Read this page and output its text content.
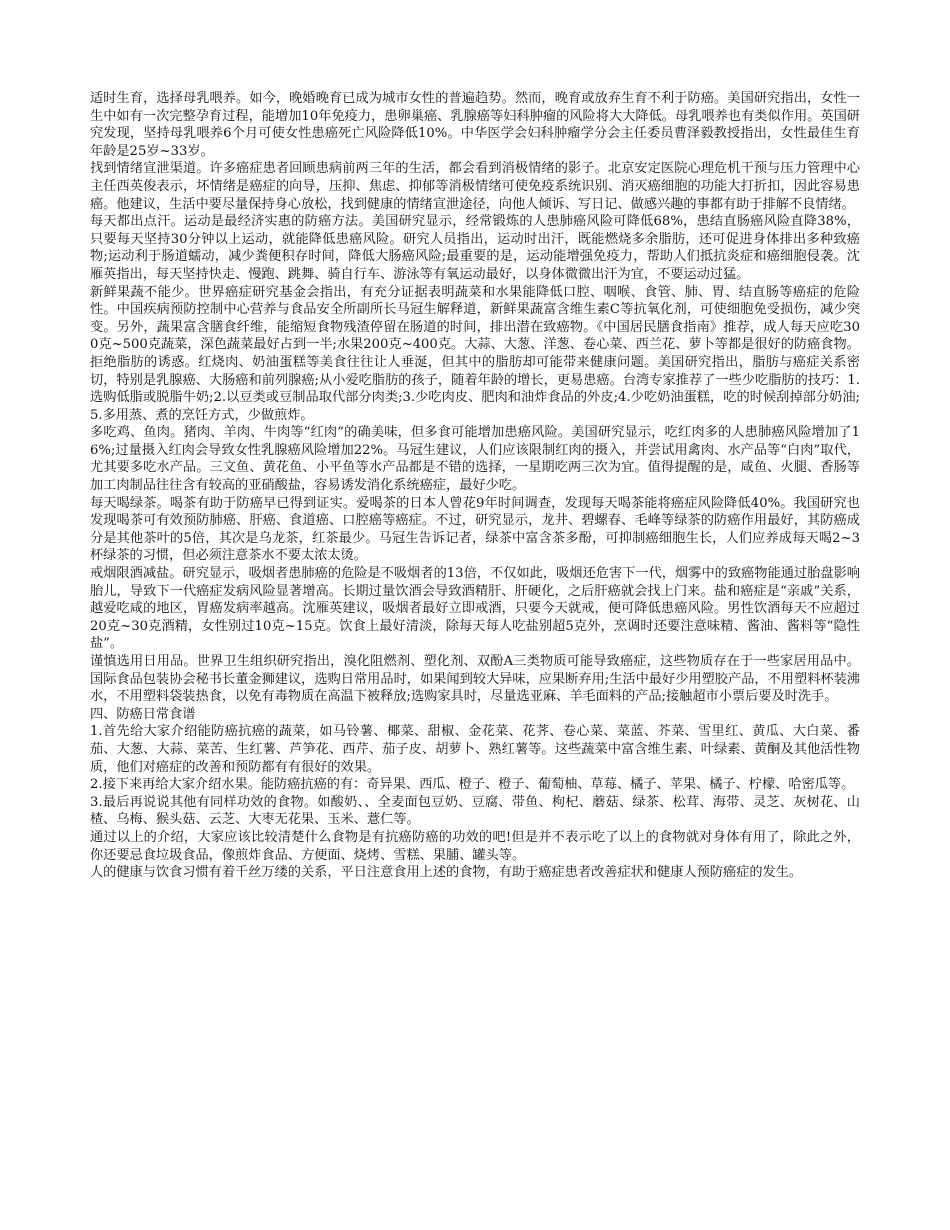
适时生育，选择母乳喂养。如今，晚婚晚育已成为城市女性的普遍趋势。然而，晚育或放弃生育不利于防癌。美国研究指出，女性一生中如有一次完整孕育过程，能增加10年免疫力，患卵巢癌、乳腺癌等妇科肿瘤的风险将大大降低。母乳喂养也有类似作用。英国研究发现，坚持母乳喂养6个月可使女性患癌死亡风险降低10%。中华医学会妇科肿瘤学分会主任委员曹泽毅教授指出，女性最佳生育年龄是25岁~33岁。

找到情绪宣泄渠道。许多癌症患者回顾患病前两三年的生活，都会看到消极情绪的影子。北京安定医院心理危机干预与压力管理中心主任西英俊表示，坏情绪是癌症的向导，压抑、焦虑、抑郁等消极情绪可使免疫系统识别、消灭癌细胞的功能大打折扣，因此容易患癌。他建议，生活中要尽量保持身心放松，找到健康的情绪宣泄途径，向他人倾诉、写日记、做感兴趣的事都有助于排解不良情绪。

每天都出点汗。运动是最经济实惠的防癌方法。美国研究显示，经常锻炼的人患肺癌风险可降低68%，患结直肠癌风险直降38%，只要每天坚持30分钟以上运动，就能降低患癌风险。研究人员指出，运动时出汗，既能燃烧多余脂肪，还可促进身体排出多种致癌物;运动利于肠道蠕动，减少粪便积存时间，降低大肠癌风险;最重要的是，运动能增强免疫力，帮助人们抵抗炎症和癌细胞侵袭。沈雁英指出，每天坚持快走、慢跑、跳舞、骑自行车、游泳等有氧运动最好，以身体微微出汗为宜，不要运动过猛。

新鲜果蔬不能少。世界癌症研究基金会指出，有充分证据表明蔬菜和水果能降低口腔、咽喉、食管、肺、胃、结直肠等癌症的危险性。中国疾病预防控制中心营养与食品安全所副所长马冠生解释道，新鲜果蔬富含维生素C等抗氧化剂，可使细胞免受损伤，减少突变。另外，蔬果富含膳食纤维，能缩短食物残渣停留在肠道的时间，排出潜在致癌物。《中国居民膳食指南》推荐，成人每天应吃300克~500克蔬菜，深色蔬菜最好占到一半;水果200克~400克。大蒜、大葱、洋葱、卷心菜、西兰花、萝卜等都是很好的防癌食物。

拒绝脂肪的诱惑。红烧肉、奶油蛋糕等美食往往让人垂涎，但其中的脂肪却可能带来健康问题。美国研究指出，脂肪与癌症关系密切，特别是乳腺癌、大肠癌和前列腺癌;从小爱吃脂肪的孩子，随着年龄的增长，更易患癌。台湾专家推荐了一些少吃脂肪的技巧：1.选购低脂或脱脂牛奶;2.以豆类或豆制品取代部分肉类;3.少吃肉皮、肥肉和油炸食品的外皮;4.少吃奶油蛋糕，吃的时候刮掉部分奶油;5.多用蒸、煮的烹饪方式，少做煎炸。

多吃鸡、鱼肉。猪肉、羊肉、牛肉等“红肉”的确美味，但多食可能增加患癌风险。美国研究显示，吃红肉多的人患肺癌风险增加了16%;过量摄入红肉会导致女性乳腺癌风险增加22%。马冠生建议，人们应该限制红肉的摄入，并尝试用禽肉、水产品等“白肉”取代，尤其要多吃水产品。三文鱼、黄花鱼、小平鱼等水产品都是不错的选择，一星期吃两三次为宜。值得提醒的是，咸鱼、火腿、香肠等加工肉制品往往含有较高的亚硝酸盐，容易诱发消化系统癌症，最好少吃。

每天喝绿茶。喝茶有助于防癌早已得到证实。爱喝茶的日本人曾花9年时间调查，发现每天喝茶能将癌症风险降低40%。我国研究也发现喝茶可有效预防肺癌、肝癌、食道癌、口腔癌等癌症。不过，研究显示，龙井、碧螺春、毛峰等绿茶的防癌作用最好，其防癌成分是其他茶叶的5倍，其次是乌龙茶，红茶最少。马冠生告诉记者，绿茶中富含茶多酚，可抑制癌细胞生长，人们应养成每天喝2~3杯绿茶的习惯，但必须注意茶水不要太浓太烫。

戒烟限酒减盐。研究显示，吸烟者患肺癌的危险是不吸烟者的13倍，不仅如此，吸烟还危害下一代，烟雾中的致癌物能通过胎盘影响胎儿，导致下一代癌症发病风险显著增高。长期过量饮酒会导致酒精肝、肝硬化，之后肝癌就会找上门来。盐和癌症是“亲戚”关系，越爱吃咸的地区，胃癌发病率越高。沈雁英建议，吸烟者最好立即戒酒，只要今天就戒，便可降低患癌风险。男性饮酒每天不应超过20克~30克酒精，女性别过10克~15克。饮食上最好清淡，除每天每人吃盐别超5克外，烹调时还要注意味精、酱油、酱料等“隐性盐”。

谨慎选用日用品。世界卫生组织研究指出，溴化阻燃剂、塑化剂、双酚A三类物质可能导致癌症，这些物质存在于一些家居用品中。国际食品包装协会秘书长董金狮建议，选购日常用品时，如果闻到较大异味，应果断弃用;生活中最好少用塑胶产品，不用塑料杯装沸水，不用塑料袋装热食，以免有毒物质在高温下被释放;选购家具时，尽量选亚麻、羊毛面料的产品;接触超市小票后要及时洗手。

四、防癌日常食谱

1.首先给大家介绍能防癌抗癌的蔬菜，如马铃薯、椰菜、甜椒、金花菜、花荠、卷心菜、菜蓝、芥菜、雪里红、黄瓜、大白菜、番茄、大葱、大蒜、菜苦、生红薯、芦笋花、西芹、茄子皮、胡萝卜、熟红薯等。这些蔬菜中富含维生素、叶绿素、黄酮及其他活性物质，他们对癌症的改善和预防都有有很好的效果。

2.接下来再给大家介绍水果。能防癌抗癌的有：奇异果、西瓜、橙子、橙子、葡萄柚、草莓、橘子、苹果、橘子、柠檬、哈密瓜等。

3.最后再说说其他有同样功效的食物。如酸奶、、全麦面包豆奶、豆腐、带鱼、枸杞、蘑菇、绿茶、松茸、海带、灵芝、灰树花、山楂、乌梅、猴头菇、云芝、大枣无花果、玉米、薏仁等。

通过以上的介绍，大家应该比较清楚什么食物是有抗癌防癌的功效的吧!但是并不表示吃了以上的食物就对身体有用了，除此之外，你还要忌食垃圾食品，像煎炸食品、方便面、烧烤、雪糕、果脯、罐头等。

人的健康与饮食习惯有着千丝万缕的关系，平日注意食用上述的食物，有助于癌症患者改善症状和健康人预防癌症的发生。
